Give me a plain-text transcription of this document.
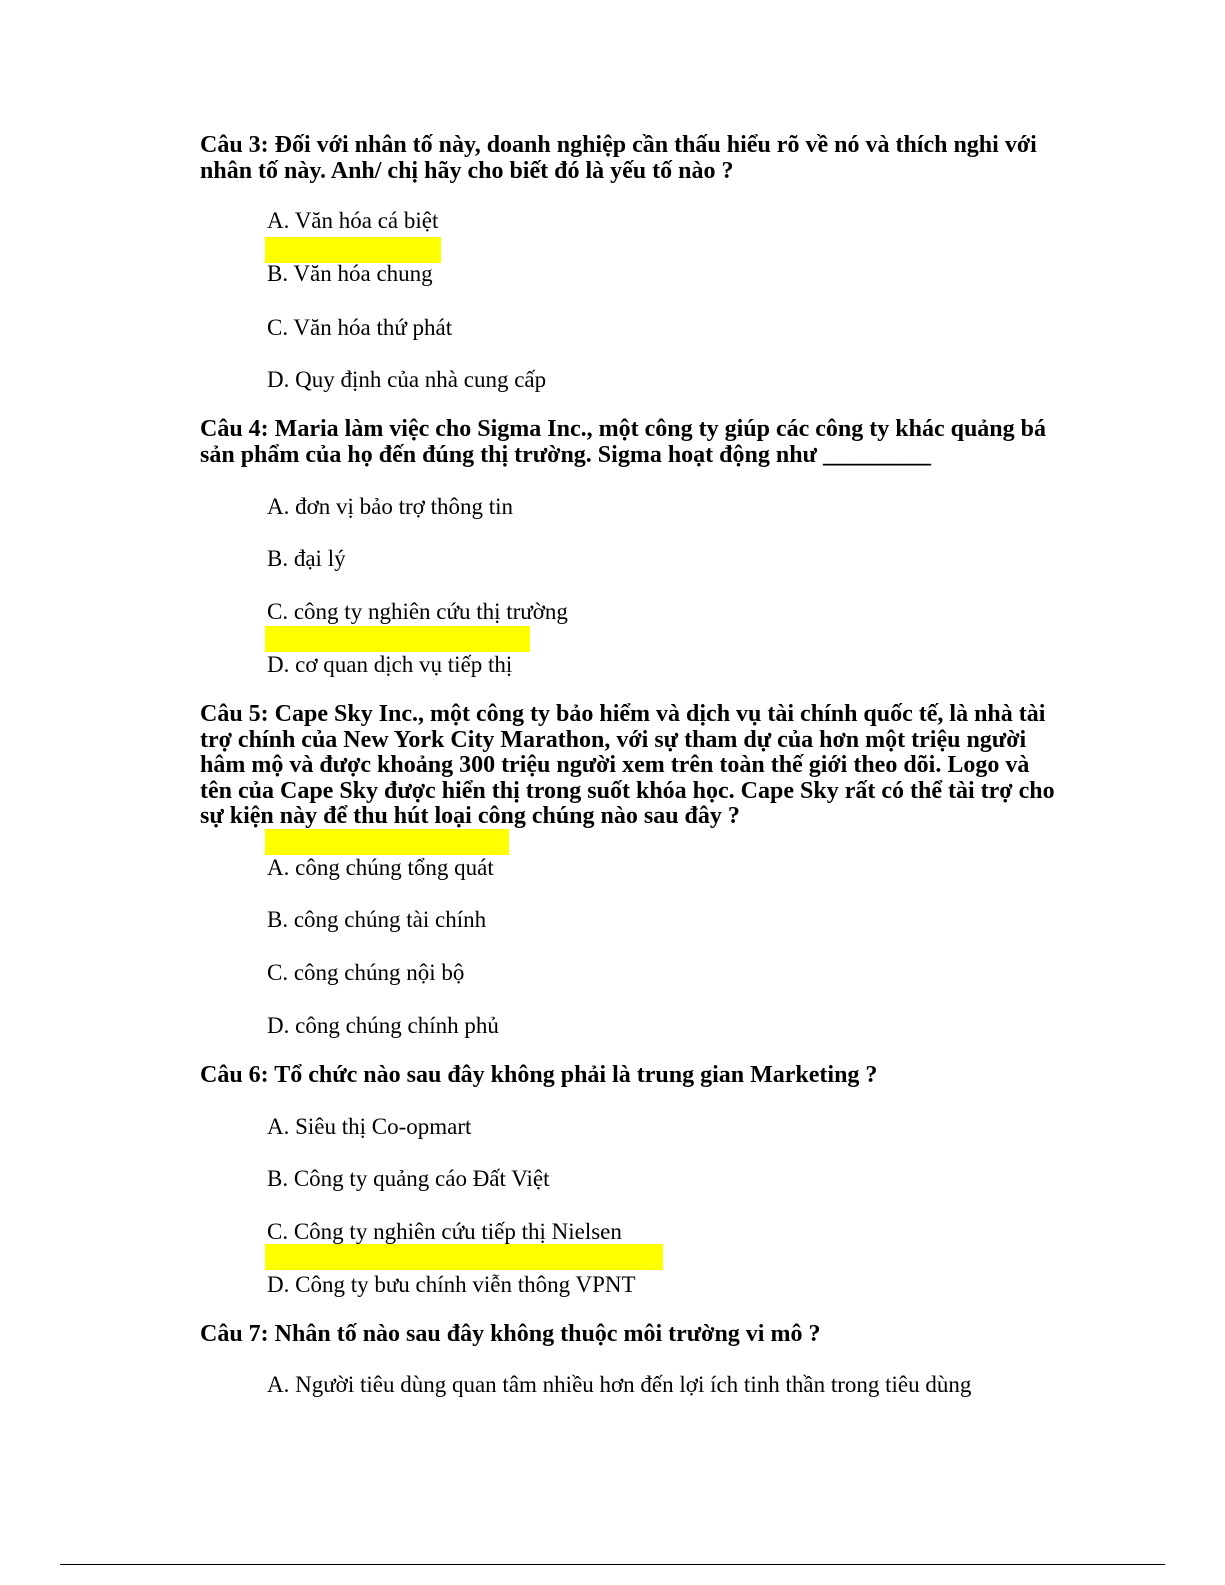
Câu 3: Đối với nhân tố này, doanh nghiệp cần thấu hiểu rõ về nó và thích nghi với nhân tố này. Anh/ chị hãy cho biết đó là yếu tố nào ?

A. Văn hóa cá biệt

B. Văn hóa chung

C. Văn hóa thứ phát

D. Quy định của nhà cung cấp

Câu 4: Maria làm việc cho Sigma Inc., một công ty giúp các công ty khác quảng bá sản phẩm của họ đến đúng thị trường. Sigma hoạt động như _________

A. đơn vị bảo trợ thông tin

B. đại lý

C. công ty nghiên cứu thị trường

D. cơ quan dịch vụ tiếp thị

Câu 5: Cape Sky Inc., một công ty bảo hiểm và dịch vụ tài chính quốc tế, là nhà tài trợ chính của New York City Marathon, với sự tham dự của hơn một triệu người hâm mộ và được khoảng 300 triệu người xem trên toàn thế giới theo dõi. Logo và tên của Cape Sky được hiển thị trong suốt khóa học. Cape Sky rất có thể tài trợ cho sự kiện này để thu hút loại công chúng nào sau đây ?

A. công chúng tổng quát

B. công chúng tài chính

C. công chúng nội bộ

D. công chúng chính phủ

Câu 6: Tổ chức nào sau đây không phải là trung gian Marketing ?

A. Siêu thị Co-opmart

B. Công ty quảng cáo Đất Việt

C. Công ty nghiên cứu tiếp thị Nielsen

D. Công ty bưu chính viễn thông VPNT

Câu 7: Nhân tố nào sau đây không thuộc môi trường vi mô ?

A. Người tiêu dùng quan tâm nhiều hơn đến lợi ích tinh thần trong tiêu dùng
